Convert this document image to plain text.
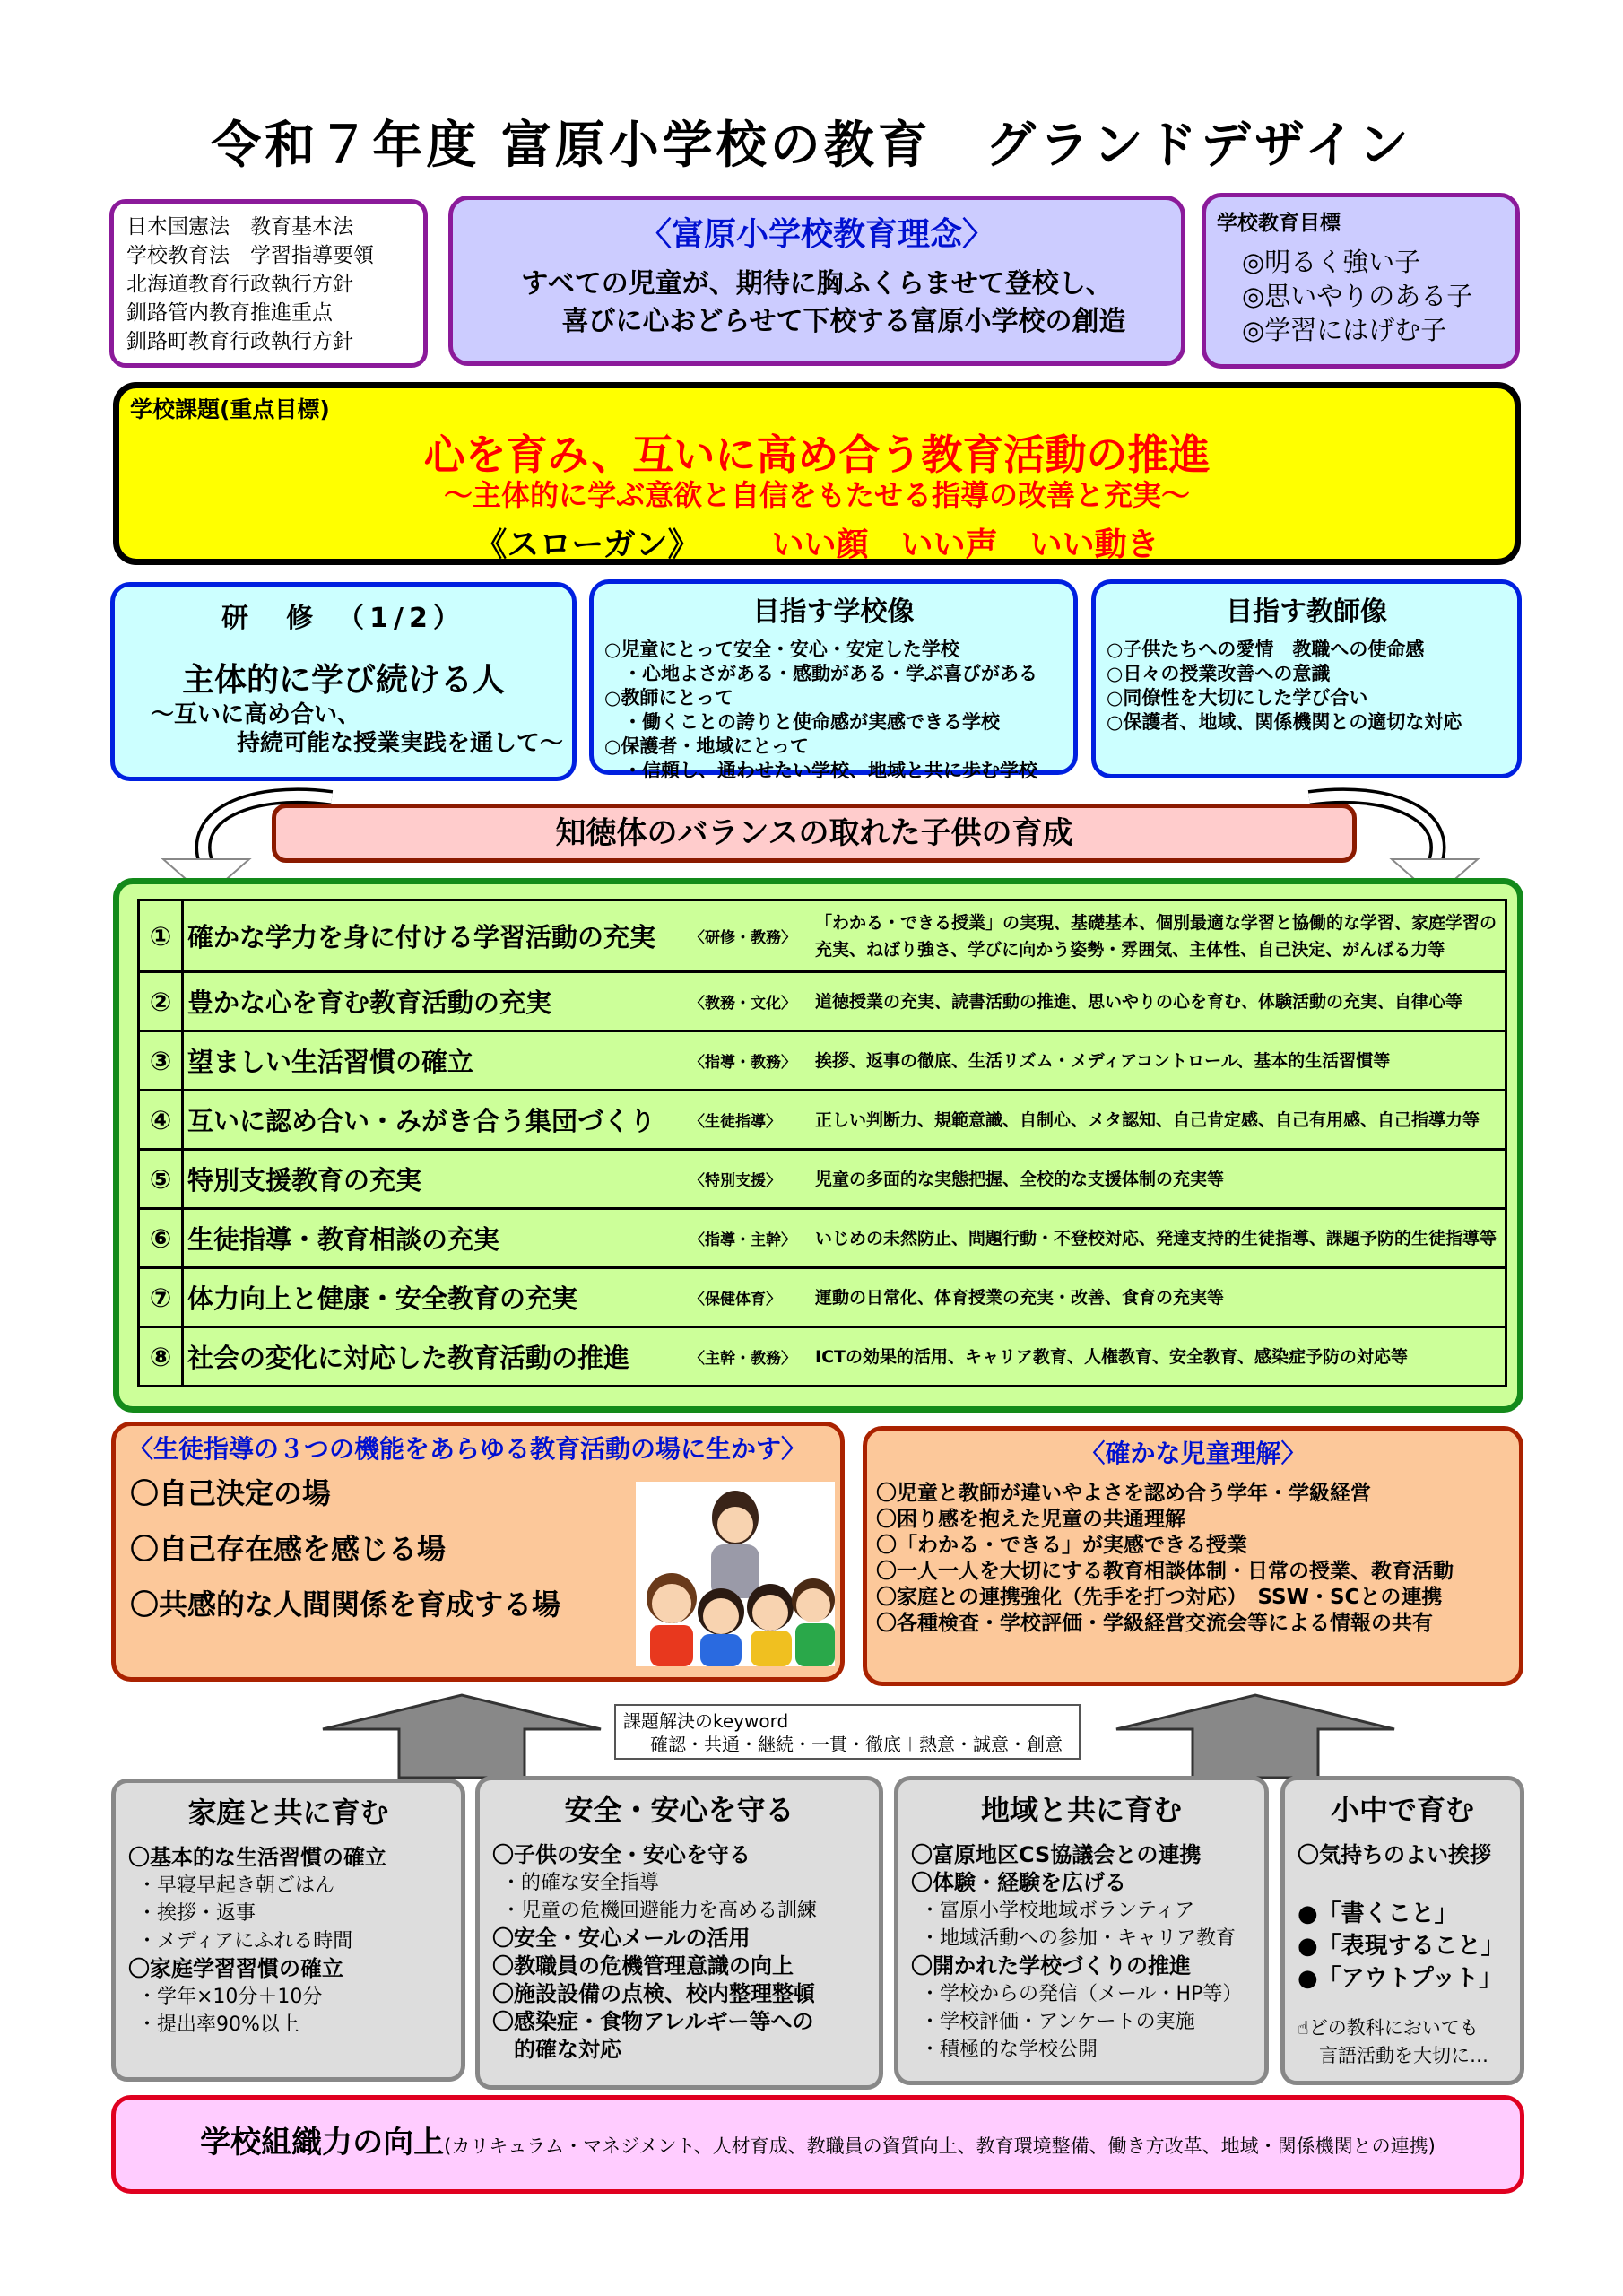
令和７年度 富原小学校の教育　グランドデザイン
日本国憲法　教育基本法
学校教育法　学習指導要領
北海道教育行政執行方針
釧路管内教育推進重点
釧路町教育行政執行方針
〈富原小学校教育理念〉
すべての児童が、期待に胸ふくらませて登校し、
喜びに心おどらせて下校する富原小学校の創造
学校教育目標
◎明るく強い子
◎思いやりのある子
◎学習にはげむ子
学校課題(重点目標)
心を育み、互いに高め合う教育活動の推進
～主体的に学ぶ意欲と自信をもたせる指導の改善と充実～
《スローガン》 いい顔　いい声　いい動き
研　修　（1/2）
主体的に学び続ける人
～互いに高め合い、
持続可能な授業実践を通して～
目指す学校像
○児童にとって安全・安心・安定した学校
　・心地よさがある・感動がある・学ぶ喜びがある
○教師にとって
　・働くことの誇りと使命感が実感できる学校
○保護者・地域にとって
　・信頼し、通わせたい学校、地域と共に歩む学校
目指す教師像
○子供たちへの愛情　教職への使命感
○日々の授業改善への意識
○同僚性を大切にした学び合い
○保護者、地域、関係機関との適切な対応
知徳体のバランスの取れた子供の育成
①	確かな学力を身に付ける学習活動の充実 〈研修・教務〉
「わかる・できる授業」の実現、基礎基本、個別最適な学習と協働的な学習、家庭学習の充実、ねばり強さ、学びに向かう姿勢・雰囲気、主体性、自己決定、がんばる力等

②	豊かな心を育む教育活動の充実 〈教務・文化〉 道徳授業の充実、読書活動の推進、思いやりの心を育む、体験活動の充実、自律心等

③	望ましい生活習慣の確立 〈指導・教務〉 挨拶、返事の徹底、生活リズム・メディアコントロール、基本的生活習慣等

④	互いに認め合い・みがき合う集団づくり 〈生徒指導〉 正しい判断力、規範意識、自制心、メタ認知、自己肯定感、自己有用感、自己指導力等

⑤	特別支援教育の充実 〈特別支援〉 児童の多面的な実態把握、全校的な支援体制の充実等

⑥	生徒指導・教育相談の充実 〈指導・主幹〉 いじめの未然防止、問題行動・不登校対応、発達支持的生徒指導、課題予防的生徒指導等

⑦	体力向上と健康・安全教育の充実 〈保健体育〉 運動の日常化、体育授業の充実・改善、食育の充実等

⑧	社会の変化に対応した教育活動の推進 〈主幹・教務〉 ICTの効果的活用、キャリア教育、人権教育、安全教育、感染症予防の対応等
〈生徒指導の３つの機能をあらゆる教育活動の場に生かす〉
〇自己決定の場
〇自己存在感を感じる場
〇共感的な人間関係を育成する場
〈確かな児童理解〉
〇児童と教師が違いやよさを認め合う学年・学級経営
〇困り感を抱えた児童の共通理解
〇「わかる・できる」が実感できる授業
〇一人一人を大切にする教育相談体制・日常の授業、教育活動
〇家庭との連携強化（先手を打つ対応）　SSW・SCとの連携
〇各種検査・学校評価・学級経営交流会等による情報の共有
課題解決のkeyword
確認・共通・継続・一貫・徹底＋熱意・誠意・創意
家庭と共に育む
〇基本的な生活習慣の確立
・早寝早起き朝ごはん
・挨拶・返事
・メディアにふれる時間
〇家庭学習習慣の確立
・学年×10分＋10分
・提出率90%以上
安全・安心を守る
〇子供の安全・安心を守る
・的確な安全指導
・児童の危機回避能力を高める訓練
〇安全・安心メールの活用
〇教職員の危機管理意識の向上
〇施設設備の点検、校内整理整頓
〇感染症・食物アレルギー等への
　的確な対応
地域と共に育む
〇富原地区CS協議会との連携
〇体験・経験を広げる
・富原小学校地域ボランティア
・地域活動への参加・キャリア教育
〇開かれた学校づくりの推進
・学校からの発信（メール・HP等）
・学校評価・アンケートの実施
・積極的な学校公開
小中で育む
〇気持ちのよい挨拶
●「書くこと」
●「表現すること」
●「アウトプット」
☝どの教科においても
言語活動を大切に…
学校組織力の向上(カリキュラム・マネジメント、人材育成、教職員の資質向上、教育環境整備、働き方改革、地域・関係機関との連携)
